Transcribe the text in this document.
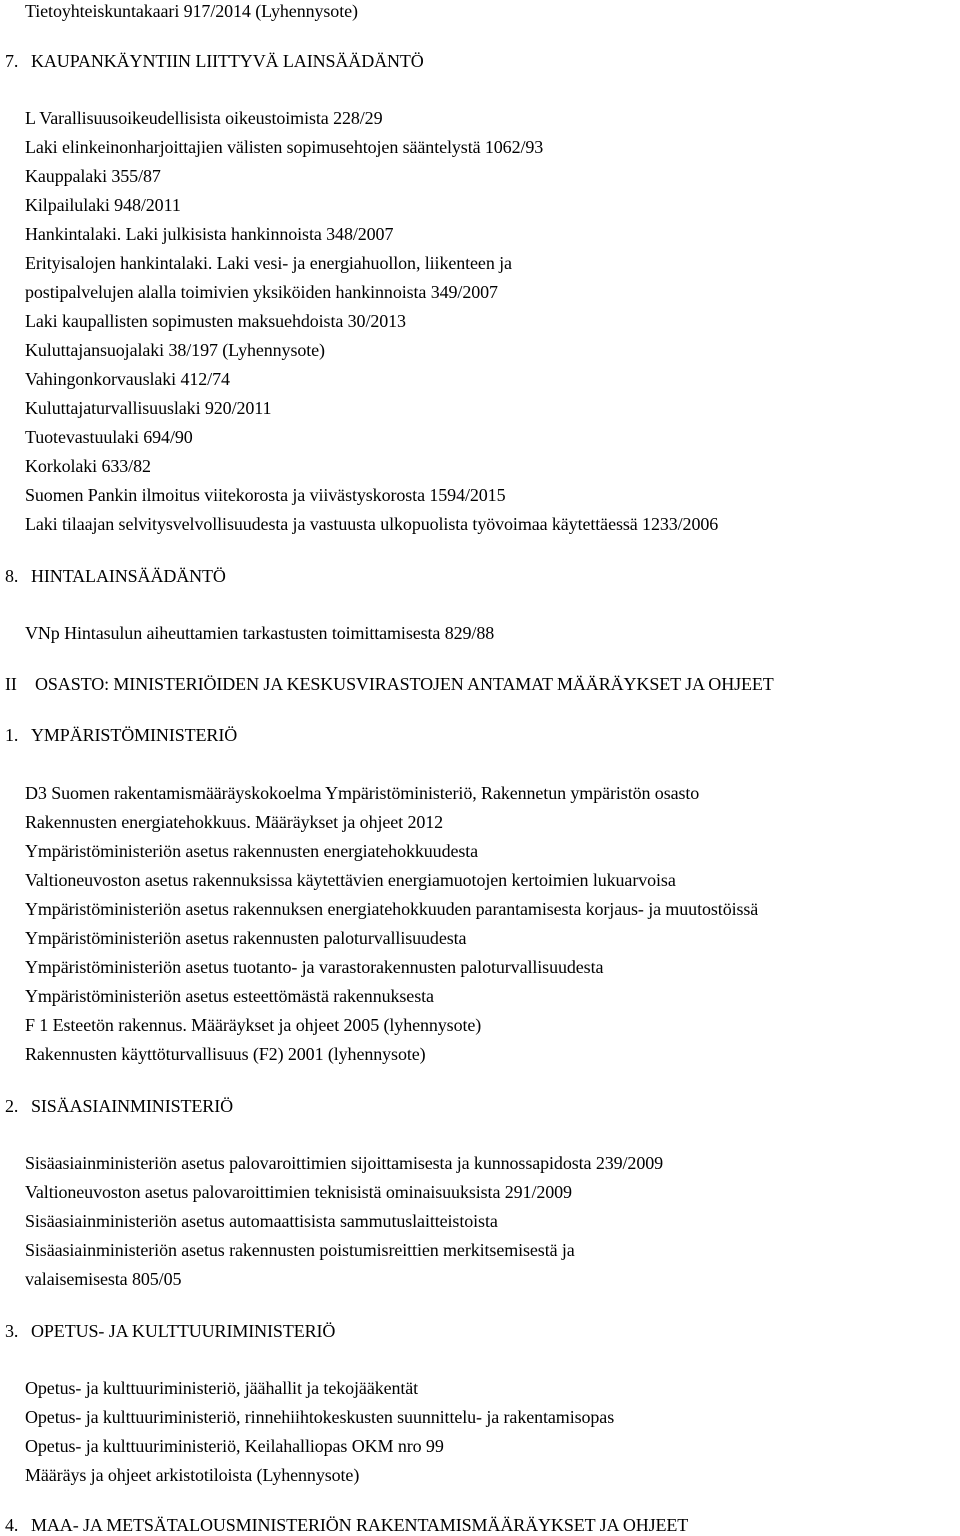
Tietoyhteiskuntakaari 917/2014 (Lyhennysote)
7. KAUPANKÄYNTIIN LIITTYVÄ LAINSÄÄDÄNTÖ
L Varallisuusoikeudellisista oikeustoimista 228/29
Laki elinkeinonharjoittajien välisten sopimusehtojen sääntelystä 1062/93
Kauppalaki 355/87
Kilpailulaki 948/2011
Hankintalaki. Laki julkisista hankinnoista 348/2007
Erityisalojen hankintalaki. Laki vesi- ja energiahuollon, liikenteen ja
postipalvelujen alalla toimivien yksiköiden hankinnoista 349/2007
Laki kaupallisten sopimusten maksuehdoista 30/2013
Kuluttajansuojalaki 38/197 (Lyhennysote)
Vahingonkorvauslaki 412/74
Kuluttajaturvallisuuslaki 920/2011
Tuotevastuulaki 694/90
Korkolaki 633/82
Suomen Pankin ilmoitus viitekorosta ja viivästyskorosta 1594/2015
Laki tilaajan selvitysvelvollisuudesta ja vastuusta ulkopuolista työvoimaa käytettäessä 1233/2006
8. HINTALAINSÄÄDÄNTÖ
VNp Hintasulun aiheuttamien tarkastusten toimittamisesta 829/88
II OSASTO: MINISTERIÖIDEN JA KESKUSVIRASTOJEN ANTAMAT MÄÄRÄYKSET JA OHJEET
1. YMPÄRISTÖMINISTERIÖ
D3 Suomen rakentamismääräyskokoelma Ympäristöministeriö, Rakennetun ympäristön osasto
Rakennusten energiatehokkuus. Määräykset ja ohjeet 2012
Ympäristöministeriön asetus rakennusten energiatehokkuudesta
Valtioneuvoston asetus rakennuksissa käytettävien energiamuotojen kertoimien lukuarvoisa
Ympäristöministeriön asetus rakennuksen energiatehokkuuden parantamisesta korjaus- ja muutostöissä
Ympäristöministeriön asetus rakennusten paloturvallisuudesta
Ympäristöministeriön asetus tuotanto- ja varastorakennusten paloturvallisuudesta
Ympäristöministeriön asetus esteettömästä rakennuksesta
F 1 Esteetön rakennus. Määräykset ja ohjeet 2005 (lyhennysote)
Rakennusten käyttöturvallisuus (F2) 2001 (lyhennysote)
2. SISÄASIAINMINISTERIÖ
Sisäasiainministeriön asetus palovaroittimien sijoittamisesta ja kunnossapidosta 239/2009
Valtioneuvoston asetus palovaroittimien teknisistä ominaisuuksista 291/2009
Sisäasiainministeriön asetus automaattisista sammutuslaitteistoista
Sisäasiainministeriön asetus rakennusten poistumisreittien merkitsemisestä ja
valaisemisesta 805/05
3. OPETUS- JA KULTTUURIMINISTERIÖ
Opetus- ja kulttuuriministeriö, jäähallit ja tekojääkentät
Opetus- ja kulttuuriministeriö, rinnehiihtokeskusten suunnittelu- ja rakentamisopas
Opetus- ja kulttuuriministeriö, Keilahalliopas OKM nro 99
Määräys ja ohjeet arkistotiloista (Lyhennysote)
4. MAA- JA METSÄTALOUSMINISTERIÖN RAKENTAMISMÄÄRÄYKSET JA OHJEET
